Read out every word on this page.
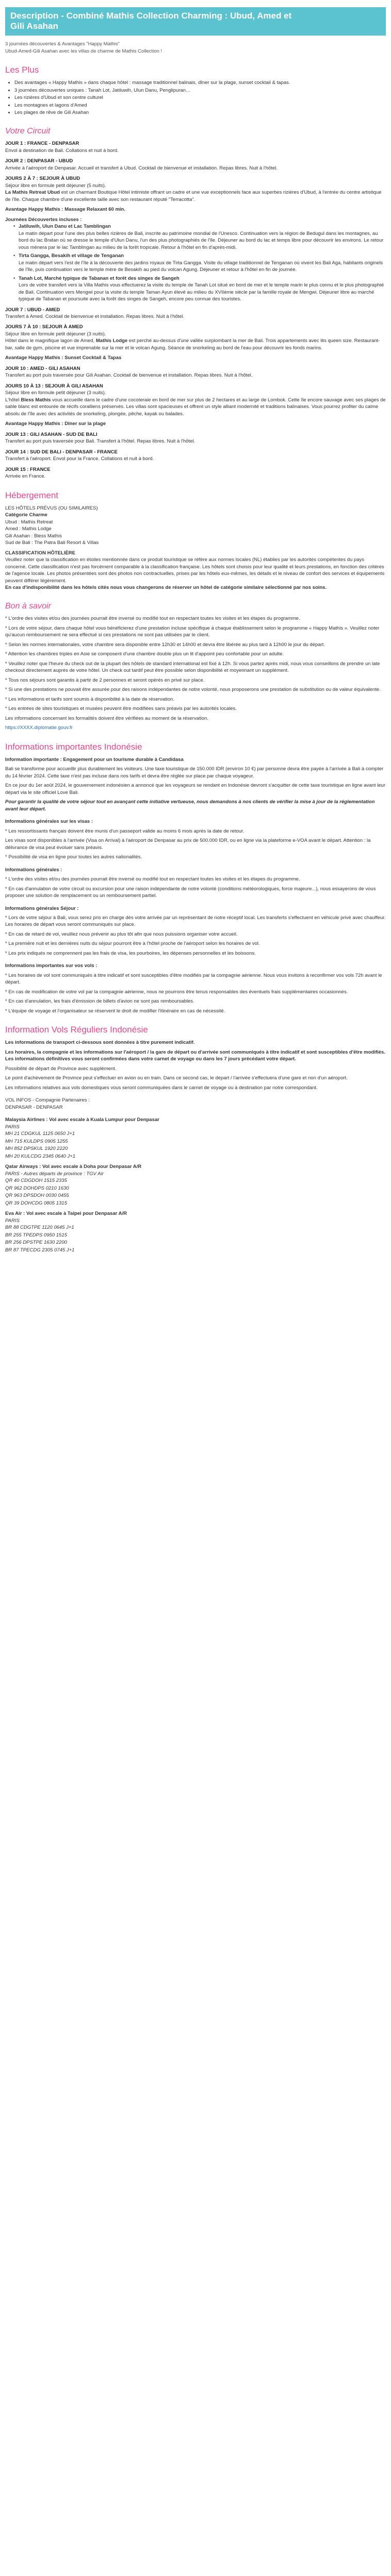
Description - Combiné Mathis Collection Charming : Ubud, Amed et
Gili Asahan

3 journées découvertes & Avantages "Happy Mathis"

Ubud-Amed-Gili Asahan avec les villas de charme de Mathis Collection !

Les Plus
• Des avantages « Happy Mathis » dans chaque hôtel : massage traditionnel balinais, dîner sur la plage, sunset cocktail & tapas.
• 3 journées découvertes uniques : Tanah Lot, Jatiluwih, Ulun Danu, Penglipuran…
• Les rizières d'Ubud et son centre culturel
• Les montagnes et lagons d'Amed
• Les plages de rêve de Gili Asahan
Votre Circuit
JOUR 1 : FRANCE - DENPASAR
Envol à destination de Bali. Collations et nuit à bord.
JOUR 2 : DENPASAR - UBUD
Arrivée à l'aéroport de Denpasar. Accueil et transfert à Ubud. Cocktail de bienvenue et installation. Repas libres. Nuit à l'hôtel.
JOURS 2 À 7 : SEJOUR À UBUD
Séjour libre en formule petit déjeuner (5 nuits).
La Mathis Retreat Ubud est un charmant Boutique Hôtel intimiste offrant un cadre et une vue exceptionnels face aux superbes rizières d'Ubud, à l'entrée du centre artistique de l'île. Chaque chambre d'une excellente taille avec son restaurant réputé "Terracotta".
Avantage Happy Mathis : Massage Relaxant 60 min.
Journées Découvertes incluses :
• Jatiluwih, Ulun Danu et Lac Tamblingan
Le matin départ pour l'une des plus belles rizières de Bali, inscrite au patrimoine mondial de l'Unesco. Continuation vers la région de Bedugul dans les montagnes, au bord du lac Bratan où se dresse le temple d'Ulun Danu, l'un des plus photographiés de l'île. Déjeuner au bord du lac et temps libre pour découvrir les environs. Le retour vous mènera par le lac Tamblingan au milieu de la forêt tropicale. Retour à l'hôtel en fin d'après-midi.
• Tirta Gangga, Besakih et village de Tenganan
Le matin départ vers l'est de l'île à la découverte des jardins royaux de Tirta Gangga. Visite du village traditionnel de Tenganan où vivent les Bali Aga, habitants originels de l'île, puis continuation vers le temple mère de Besakih au pied du volcan Agung. Déjeuner et retour à l'hôtel en fin de journée.
• Tanah Lot, Marché typique de Tabanan et forêt des singes de Sangeh
Lors de votre transfert vers la Villa Mathis vous effectuerez la visite du temple de Tanah Lot situé en bord de mer et le temple marin le plus connu et le plus photographié de Bali. Continuation vers Mengwi pour la visite du temple Taman Ayun élevé au milieu du XVIIème siècle par la famille royale de Mengwi. Déjeuner libre au marché typique de Tabanan et poursuite avec la forêt des singes de Sangeh, encore peu connue des touristes.
JOUR 7 : UBUD - AMED
Transfert à Amed. Cocktail de bienvenue et installation. Repas libres. Nuit à l'hôtel.
JOURS 7 À 10 : SEJOUR À AMED
Séjour libre en formule petit déjeuner (3 nuits).
Hôtel dans le magnifique lagon de Amed, Mathis Lodge est perché au-dessus d'une vallée surplombant la mer de Bali. Trois appartements avec lits queen size. Restaurant-bar, salle de gym, piscine et vue imprenable sur la mer et le volcan Agung. Séance de snorkeling au bord de l'eau pour découvrir les fonds marins.
Avantage Happy Mathis : Sunset Cocktail & Tapas
JOUR 10 : AMED - GILI ASAHAN
Transfert au port puis traversée pour Gili Asahan. Cocktail de bienvenue et installation. Repas libres. Nuit à l'hôtel.
JOURS 10 À 13 : SEJOUR À GILI ASAHAN
Séjour libre en formule petit déjeuner (3 nuits).
L'hôtel Bless Mathis vous accueille dans le cadre d'une cocoteraie en bord de mer sur plus de 2 hectares et au large de Lombok. Cette île encore sauvage avec ses plages de sable blanc est entourée de récifs coralliens préservés. Les villas sont spacieuses et offrent un style alliant modernité et traditions balinaises. Vous pourrez profiter du calme absolu de l'île avec des activités de snorkeling, plongée, pêche, kayak ou balades.
Avantage Happy Mathis : Dîner sur la plage
JOUR 13 : GILI ASAHAN - SUD DE BALI
Transfert au port puis traversée pour Bali. Transfert à l'hôtel. Repas libres. Nuit à l'hôtel.
JOUR 14 : SUD DE BALI - DENPASAR - FRANCE
Transfert à l'aéroport. Envol pour la France. Collations et nuit à bord.
JOUR 15 : FRANCE
Arrivée en France.
Hébergement
LES HÔTELS PRÉVUS (OU SIMILAIRES)
Catégorie Charme
Ubud : Mathis Retreat
Amed : Mathis Lodge
Gili Asahan : Bless Mathis
Sud de Bali : The Patra Bali Resort & Villas
CLASSIFICATION HÔTELIÈRE
Veuillez noter que la classification en étoiles mentionnée dans ce produit touristique se réfère aux normes locales (NL) établies par les autorités compétentes du pays concerné. Cette classification n'est pas forcément comparable à la classification française. Les hôtels sont choisis pour leur qualité et leurs prestations, en fonction des critères de l'agence locale. Les photos présentées sont des photos non contractuelles, prises par les hôtels eux-mêmes, les détails et le niveau de confort des services et équipements peuvent différer légèrement.
En cas d'indisponibilité dans les hôtels cités nous vous changerons de réserver un hôtel de catégorie similaire sélectionné par nos soins.
Bon à savoir

* L'ordre des visites et/ou des journées pourrait être inversé ou modifié tout en respectant toutes les visites et les étapes du programme.

* Lors de votre séjour, dans chaque hôtel vous bénéficierez d'une prestation incluse spécifique à chaque établissement selon le programme « Happy Mathis ». Veuillez noter qu'aucun remboursement ne sera effectué si ces prestations ne sont pas utilisées par le client.

* Selon les normes internationales, votre chambre sera disponible entre 12h30 et 14h00 et devra être libérée au plus tard à 12h00 le jour du départ.

* Attention les chambres triples en Asie se composent d'une chambre double plus un lit d'appoint peu confortable pour un adulte.

* Veuillez noter que l'heure du check out de la plupart des hôtels de standard international est fixé à 12h. Si vous partez après midi, nous vous conseillons de prendre un late checkout directement auprès de votre hôtel. Un check out tardif peut être possible selon disponibilité et moyennant un supplément.

* Tous nos séjours sont garantis à partir de 2 personnes et seront opérés en privé sur place.

* Si une des prestations ne pouvait être assurée pour des raisons indépendantes de notre volonté, nous proposerons une prestation de substitution ou de valeur équivalente.

* Les informations et tarifs sont soumis à disponibilité à la date de réservation.

* Les entrées de sites touristiques et musées peuvent être modifiées sans préavis par les autorités locales.

Les informations concernant les formalités doivent être vérifiées au moment de la réservation.

https://XXXX.diplomatie.gouv.fr

Informations importantes Indonésie

Information importante : Engagement pour un tourisme durable à Candidasa

Bali se transforme pour accueillir plus durablement les visiteurs. Une taxe touristique de 150.000 IDR (environ 10 €) par personne devra être payée à l'arrivée à Bali à compter du 14 février 2024. Cette taxe n'est pas incluse dans nos tarifs et devra être réglée sur place par chaque voyageur.

En ce jour du 1er août 2024, le gouvernement indonésien a annoncé que les voyageurs se rendant en Indonésie devront s'acquitter de cette taxe touristique en ligne avant leur départ via le site officiel Love Bali.

Pour garantir la qualité de votre séjour tout en avançant cette initiative vertueuse, nous demandons à nos clients de vérifier la mise à jour de la réglementation avant leur départ.

Informations générales sur les visas :

* Les ressortissants français doivent être munis d'un passeport valide au moins 6 mois après la date de retour.

Les visas sont disponibles à l'arrivée (Visa on Arrival) à l'aéroport de Denpasar au prix de 500.000 IDR, ou en ligne via la plateforme e-VOA avant le départ. Attention : la délivrance de visa peut évoluer sans préavis.

* Possibilité de visa en ligne pour toutes les autres nationalités.

Informations générales :

* L'ordre des visites et/ou des journées pourrait être inversé ou modifié tout en respectant toutes les visites et les étapes du programme.

* En cas d'annulation de votre circuit ou excursion pour une raison indépendante de notre volonté (conditions météorologiques, force majeure...), nous essayerons de vous proposer une solution de remplacement ou un remboursement partiel.

Informations générales Séjour :

* Lors de votre séjour à Bali, vous serez pris en charge dès votre arrivée par un représentant de notre réceptif local. Les transferts s'effectuent en véhicule privé avec chauffeur. Les horaires de départ vous seront communiqués sur place.

* En cas de retard de vol, veuillez nous prévenir au plus tôt afin que nous puissions organiser votre accueil.

* La première nuit et les dernières nuits du séjour pourront être à l'hôtel proche de l'aéroport selon les horaires de vol.

* Les prix indiqués ne comprennent pas les frais de visa, les pourboires, les dépenses personnelles et les boissons.

Informations importantes sur vos vols :

* Les horaires de vol sont communiqués à titre indicatif et sont susceptibles d'être modifiés par la compagnie aérienne. Nous vous invitons à reconfirmer vos vols 72h avant le départ.

* En cas de modification de votre vol par la compagnie aérienne, nous ne pourrons être tenus responsables des éventuels frais supplémentaires occasionnés.

* En cas d'annulation, les frais d'émission de billets d'avion ne sont pas remboursables.

* L'équipe de voyage et l'organisateur se réservent le droit de modifier l'itinéraire en cas de nécessité.

Information Vols Réguliers Indonésie

Les informations de transport ci-dessous sont données à titre purement indicatif.

Les horaires, la compagnie et les informations sur l'aéroport / la gare de départ ou d'arrivée sont communiqués à titre indicatif et sont susceptibles d'être modifiés. Les informations définitives vous seront confirmées dans votre carnet de voyage ou dans les 7 jours précédant votre départ.

Possibilité de départ de Province avec supplément.

Le point d'achèvement de Province peut s'effectuer en avion ou en train. Dans ce second cas, le départ / l'arrivée s'effectuera d'une gare et non d'un aéroport.

Les informations relatives aux vols domestiques vous seront communiquées dans le carnet de voyage ou à destination par notre correspondant.

VOL INFOS - Compagnie Partenaires :

DENPASAR - DENPASAR

Malaysia Airlines : Vol avec escale à Kuala Lumpur pour Denpasar

PARIS

MH 21 CDGKUL 1125 0650 J+1
MH 715 KULDPS 0905 1255
MH 852 DPSKUL 1920 2220
MH 20 KULCDG 2345 0640 J+1

Qatar Airways : Vol avec escale à Doha pour Denpasar A/R

PARIS - Autres départs de province : TGV Air

QR 40 CDGDOH 1515 2335
QR 962 DOHDPS 0210 1630
QR 963 DPSDOH 0030 0455
QR 39 DOHCDG 0805 1315

Eva Air : Vol avec escale à Taipei pour Denpasar A/R

PARIS

BR 88 CDGTPE 1120 0645 J+1
BR 255 TPEDPS 0950 1515
BR 256 DPSTPE 1630 2200
BR 87 TPECDG 2305 0745 J+1
